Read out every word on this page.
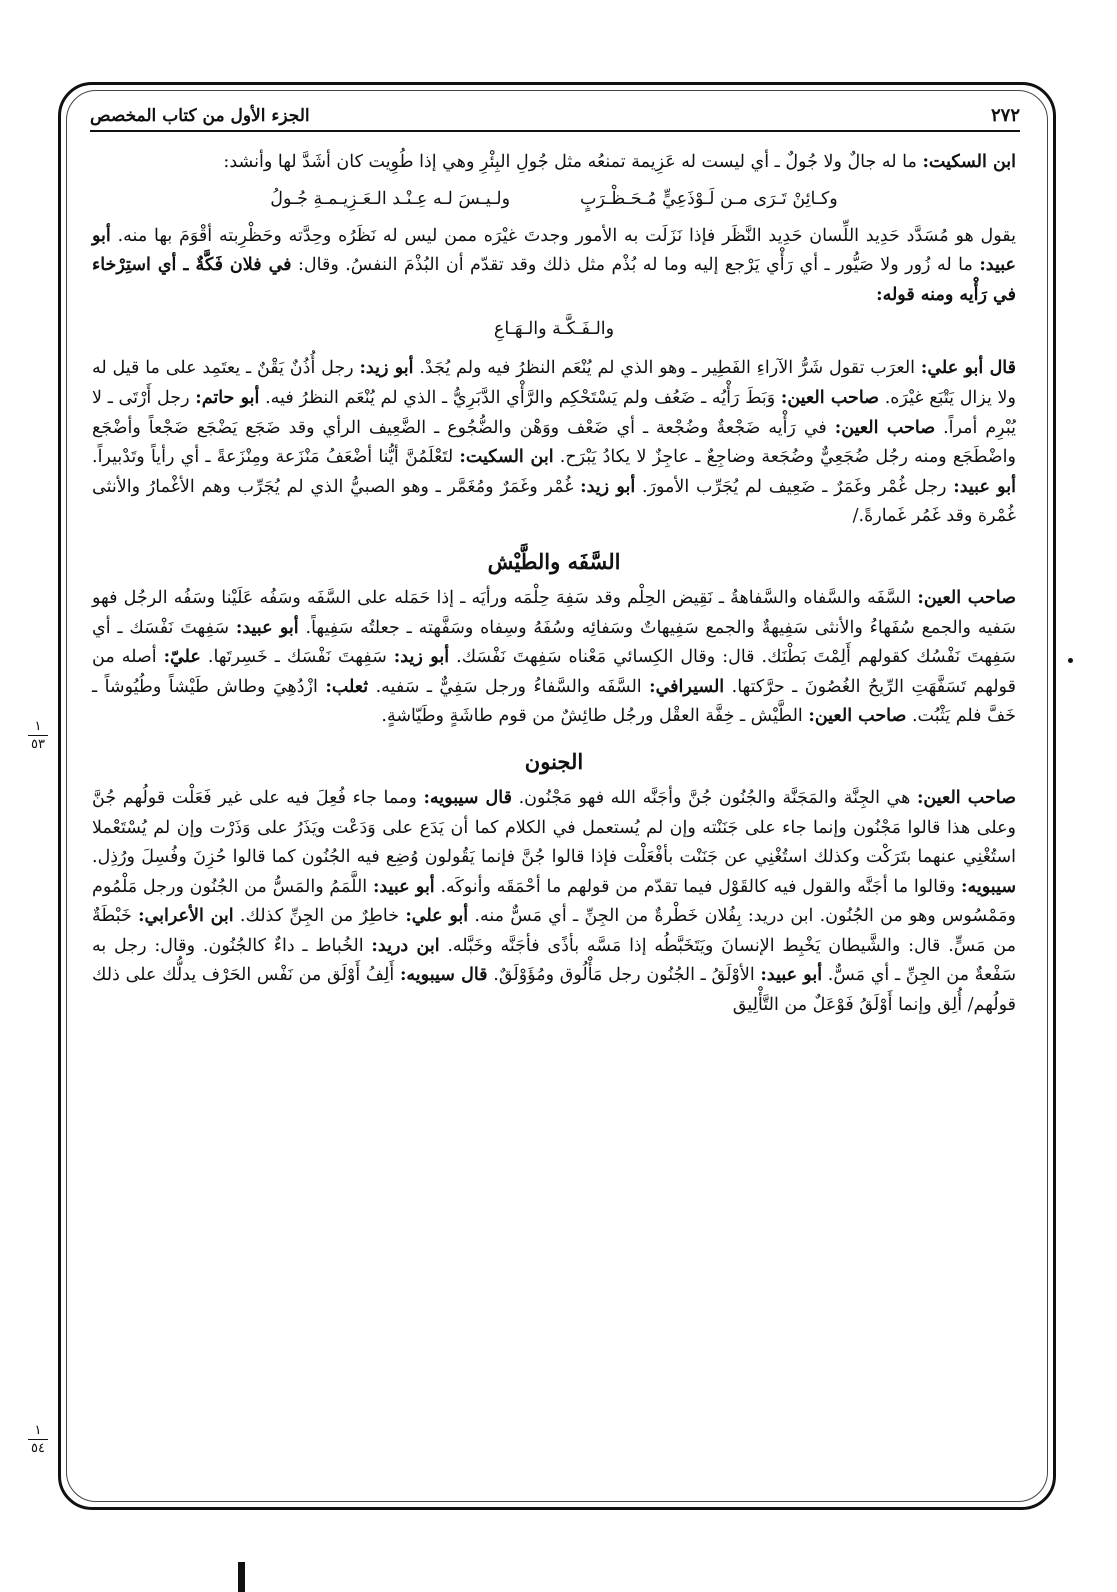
٢٧٢
الجزء الأول من كتاب المخصص

ابن السكيت: ما له جالٌ ولا جُولٌ ـ أي ليست له عَزِيمة تمنعُه مثل جُولِ البِئْرِ وهي إذا طُوِيت كان أشَدَّ لها وأنشد:

وكـائِنْ تَـرَى مـن لَـوْذَعِيٍّ مُـحَـظْـرَبٍ
ولـيـسَ لـه عِـنْـد الـعَـزِيـمـةِ جُـولُ

يقول هو مُسَدَّد حَدِيد اللِّسان حَدِيد النَّظَر فإذا نَزَلَت به الأمور وجدتَ غيْرَه ممن ليس له نَظَرُه وحِدَّته وحَظْرِبته أقْوَمَ بها منه. أبو عبيد: ما له زُور ولا صَيُّور ـ أي رَأْي يَرْجع إليه وما له بُذْم مثل ذلك وقد تقدّم أن البُذْمَ النفسُ. وقال: في فلان فَكَّةٌ ـ أي استِرْخاء في رَأْيه ومنه قوله:

والـفَـكَّـة والـهَـاعِ

قال أبو علي: العرَب تقول شَرُّ الآراءِ الفَطِير ـ وهو الذي لم يُنْعَم النظرُ فيه ولم يُجَدْ. أبو زيد: رجل أُذُنٌ يَقْنٌ ـ يعتَمِد على ما قيل له ولا يزال يَتْبَع غيْرَه. صاحب العين: وَبَطَ رَأْيُه ـ ضَعُف ولم يَسْتَحْكِم والرَّأْي الدَّبَرِيُّ ـ الذي لم يُنْعَم النظرُ فيه. أبو حاتم: رجل أَرْتَى ـ لا يُبْرِم أمراً. صاحب العين: في رَأْيه ضَجْعةٌ وضُجْعة ـ أي ضَعْف ووَهْن والضُّجُوع ـ الضَّعِيف الرأي وقد ضَجَع يَضْجَع ضَجْعاً وأضْجَع واضْطَجَع ومنه رجُل ضُجَعِيٌّ وضُجَعة وضاجِعٌ ـ عاجِزٌ لا يكادُ يَبْرَح. ابن السكيت: لتَعْلَمُنَّ أيُّنا أضْعَفُ مَنْزَعة ومِنْزَعةً ـ أي رأياً وتَدْبيراً. أبو عبيد: رجل غُمْر وغَمَرٌ ـ ضَعِيف لم يُجَرِّب الأمورَ. أبو زيد: غُمْر وغَمَرٌ ومُغَمَّر ـ وهو الصبيُّ الذي لم يُجَرِّب وهم الأغْمارُ والأنثى غُمْرة وقد غَمُر غَمارةً./

السَّفَه والطَّيْش

صاحب العين: السَّفَه والسَّفاه والسَّفاهةُ ـ نَقِيض الحِلْم وقد سَفِهَ حِلْمَه ورأيَه ـ إذا حَمَله على السَّفَه وسَفُه عَلَيْنا وسَفُه الرجُل فهو سَفيه والجمع سُفَهاءُ والأنثى سَفِيهةٌ والجمع سَفِيهاتٌ وسَفائِه وسُفَهُ وسِفاه وسَفَّهته ـ جعلتُه سَفِيهاً. أبو عبيد: سَفِهتَ نَفْسَك ـ أي سَفِهتَ نَفْسُك كقولهم أَلِمْتَ بَطْنَك. قال: وقال الكِسائي مَعْناه سَفِهتَ نَفْسَك. أبو زيد: سَفِهتَ نَفْسَك ـ خَسِرتَها. عليّ: أصله من قولهم تَسَفَّهَتِ الرِّيحُ الغُصُونَ ـ حرَّكتها. السيرافي: السَّفَه والسَّفاءُ ورجل سَفِيٌّ ـ سَفيه. ثعلب: ازْدُهِيَ وطاش طَيْشاً وطُيُوشاً ـ خَفَّ فلم يَثْبُت. صاحب العين: الطَّيْش ـ خِفَّة العقْل ورجُل طائِشٌ من قوم طاشَةٍ وطَيّاشةٍ.

الجنون

صاحب العين: هي الجِنَّة والمَجَنَّة والجُنُون جُنَّ وأجَنَّه الله فهو مَجْنُون. قال سيبويه: ومما جاء فُعِلَ فيه على غير فَعَلْت قولُهم جُنَّ وعلى هذا قالوا مَجْنُون وإنما جاء على جَنَنْته وإن لم يُستعمل في الكلام كما أن يَدَع على وَدَعْت ويَذَرُ على وَذَرْت وإن لم يُسْتَعْملا استُغْنِي عنهما بتَرَكْت وكذلك استُغْنِي عن جَنَنْت بأفْعَلْت فإذا قالوا جُنَّ فإنما يَقُولون وُضِع فيه الجُنُون كما قالوا حُزِنَ وفُسِلَ ورُذِل. سيبويه: وقالوا ما أجَنَّه والقول فيه كالقَوْل فيما تقدّم من قولهم ما أحْمَقَه وأنوكَه. أبو عبيد: اللَّمَمُ والمَسُّ من الجُنُون ورجل مَلْمُوم ومَمْسُوس وهو من الجُنُون. ابن دريد: بِفُلان خَطْرةٌ من الجِنِّ ـ أي مَسٌّ منه. أبو علي: خاطِرٌ من الجِنِّ كذلك. ابن الأعرابي: خَبْطَةٌ من مَسٍّ. قال: والشَّيطان يَخْبِط الإنسانَ ويَتَخَبَّطُه إذا مَسَّه بأذًى فأجَنَّه وخَبَّله. ابن دريد: الخُباط ـ داءٌ كالجُنُون. وقال: رجل به سَفْعةٌ من الجِنِّ ـ أي مَسٌّ. أبو عبيد: الأوْلَقُ ـ الجُنُون رجل مَأْلُوق ومُؤَوْلَقٌ. قال سيبويه: أَلِفُ أَوْلَق من نَفْس الحَرْف يدلُّك على ذلك قولُهم/ أُلِق وإنما أَوْلَقُ فَوْعَلٌ من التَّأْلِيق

١
٥٣
١
٥٤
